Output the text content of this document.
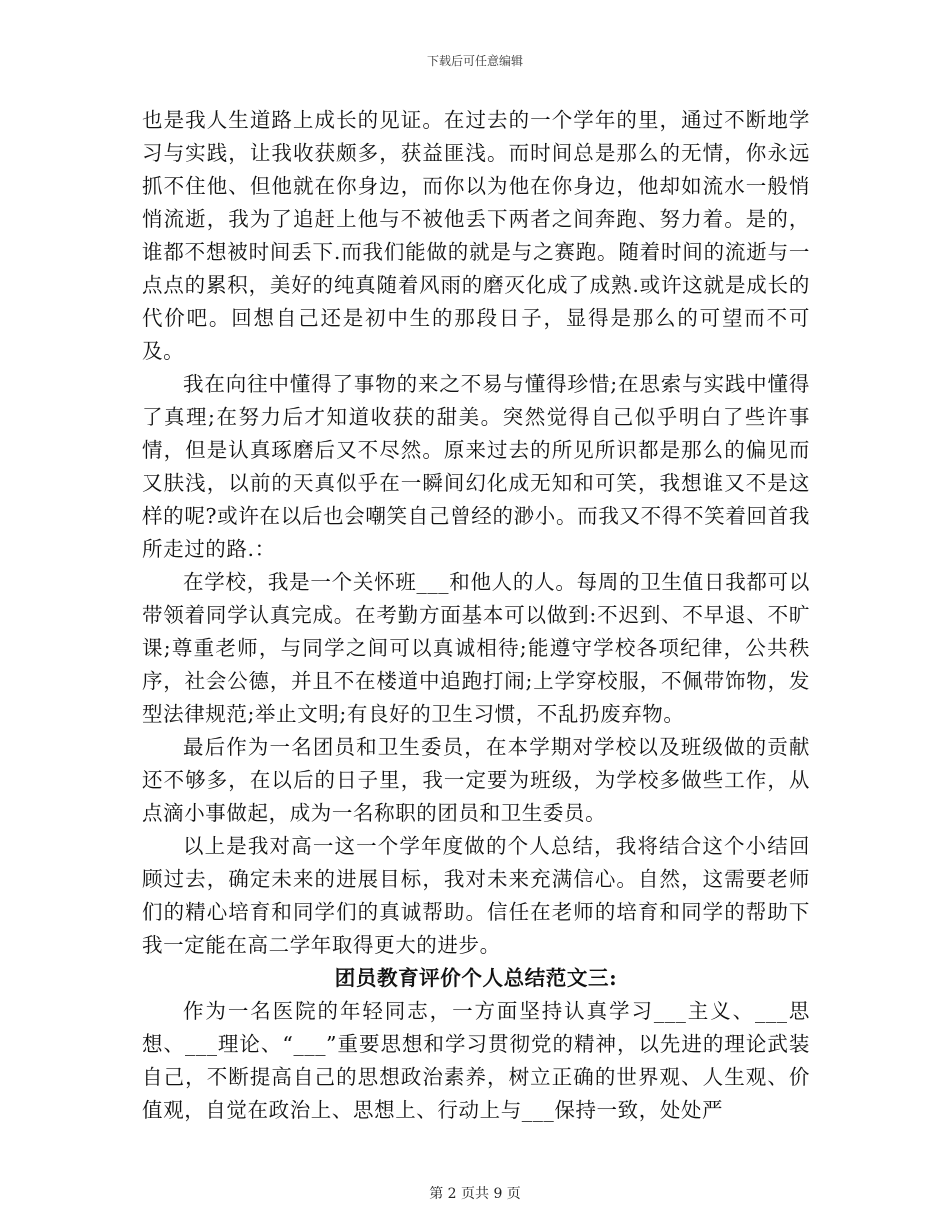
下载后可任意编辑

也是我人生道路上成长的见证。在过去的一个学年的里，通过不断地学习与实践，让我收获颇多，获益匪浅。而时间总是那么的无情，你永远抓不住他、但他就在你身边，而你以为他在你身边，他却如流水一般悄悄流逝，我为了追赶上他与不被他丢下两者之间奔跑、努力着。是的，谁都不想被时间丢下.而我们能做的就是与之赛跑。随着时间的流逝与一点点的累积，美好的纯真随着风雨的磨灭化成了成熟.或许这就是成长的代价吧。回想自己还是初中生的那段日子，显得是那么的可望而不可及。

我在向往中懂得了事物的来之不易与懂得珍惜;在思索与实践中懂得了真理;在努力后才知道收获的甜美。突然觉得自己似乎明白了些许事情，但是认真琢磨后又不尽然。原来过去的所见所识都是那么的偏见而又肤浅，以前的天真似乎在一瞬间幻化成无知和可笑，我想谁又不是这样的呢?或许在以后也会嘲笑自己曾经的渺小。而我又不得不笑着回首我所走过的路.：

在学校，我是一个关怀班___和他人的人。每周的卫生值日我都可以带领着同学认真完成。在考勤方面基本可以做到:不迟到、不早退、不旷课;尊重老师，与同学之间可以真诚相待;能遵守学校各项纪律，公共秩序，社会公德，并且不在楼道中追跑打闹;上学穿校服，不佩带饰物，发型法律规范;举止文明;有良好的卫生习惯，不乱扔废弃物。

最后作为一名团员和卫生委员，在本学期对学校以及班级做的贡献还不够多，在以后的日子里，我一定要为班级，为学校多做些工作，从点滴小事做起，成为一名称职的团员和卫生委员。

以上是我对高一这一个学年度做的个人总结，我将结合这个小结回顾过去，确定未来的进展目标，我对未来充满信心。自然，这需要老师们的精心培育和同学们的真诚帮助。信任在老师的培育和同学的帮助下我一定能在高二学年取得更大的进步。

团员教育评价个人总结范文三:

作为一名医院的年轻同志，一方面坚持认真学习___主义、___思想、___理论、“___”重要思想和学习贯彻党的精神，以先进的理论武装自己，不断提高自己的思想政治素养，树立正确的世界观、人生观、价值观，自觉在政治上、思想上、行动上与___保持一致，处处严

第 2 页共 9 页
